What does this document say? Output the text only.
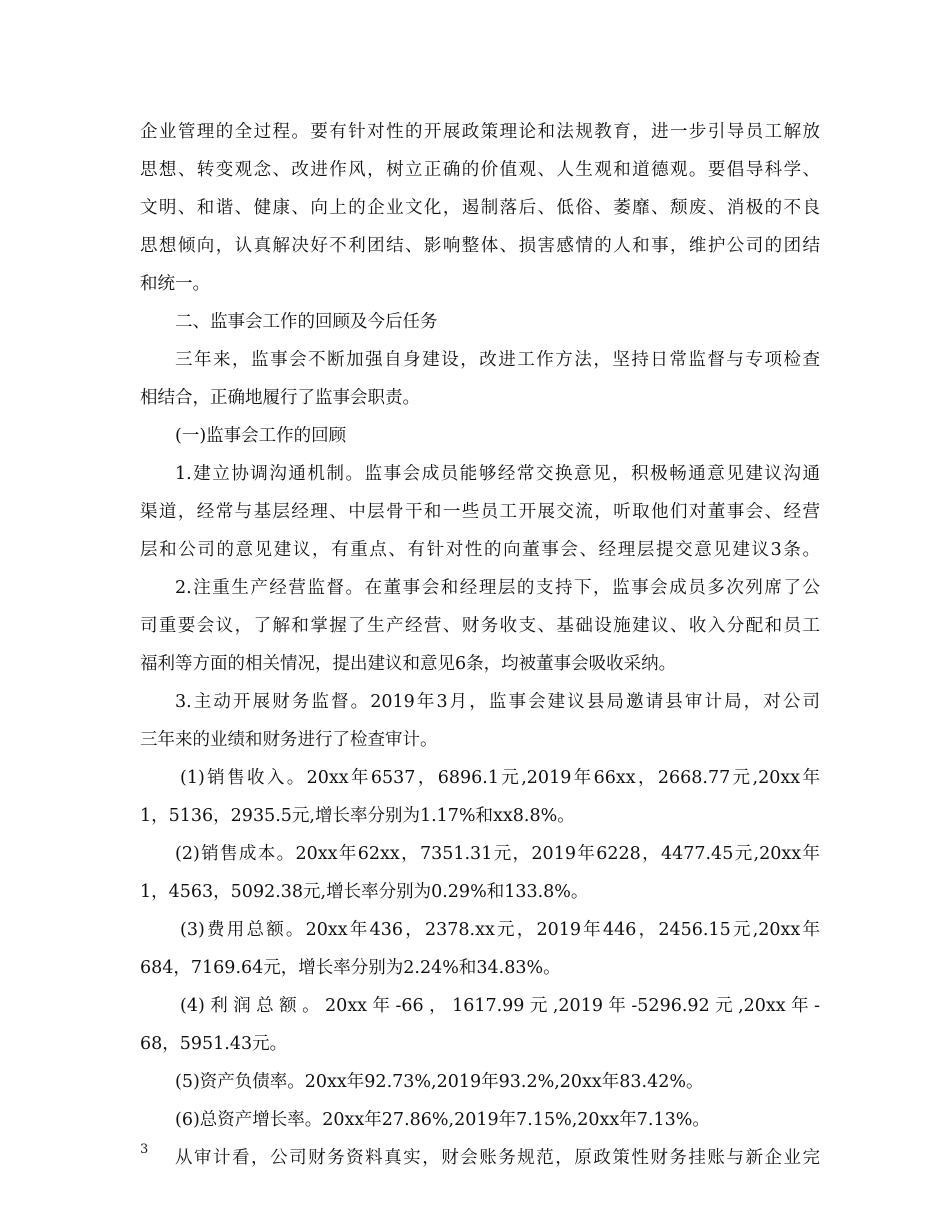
企业管理的全过程。要有针对性的开展政策理论和法规教育，进一步引导员工解放
思想、转变观念、改进作风，树立正确的价值观、人生观和道德观。要倡导科学、
文明、和谐、健康、向上的企业文化，遏制落后、低俗、萎靡、颓废、消极的不良
思想倾向，认真解决好不利团结、影响整体、损害感情的人和事，维护公司的团结
和统一。
二、监事会工作的回顾及今后任务
三年来，监事会不断加强自身建设，改进工作方法，坚持日常监督与专项检查
相结合，正确地履行了监事会职责。
(一)监事会工作的回顾
1.建立协调沟通机制。监事会成员能够经常交换意见，积极畅通意见建议沟通
渠道，经常与基层经理、中层骨干和一些员工开展交流，听取他们对董事会、经营
层和公司的意见建议，有重点、有针对性的向董事会、经理层提交意见建议3条。
2.注重生产经营监督。在董事会和经理层的支持下，监事会成员多次列席了公
司重要会议，了解和掌握了生产经营、财务收支、基础设施建议、收入分配和员工
福利等方面的相关情况，提出建议和意见6条，均被董事会吸收采纳。
3.主动开展财务监督。2019年3月，监事会建议县局邀请县审计局，对公司
三年来的业绩和财务进行了检查审计。
(1)销售收入。20xx年6537，6896.1元,2019年66xx，2668.77元,20xx年
1，5136，2935.5元,增长率分别为1.17%和xx8.8%。
(2)销售成本。20xx年62xx，7351.31元，2019年6228，4477.45元,20xx年
1，4563，5092.38元,增长率分别为0.29%和133.8%。
(3)费用总额。20xx年436，2378.xx元，2019年446，2456.15元,20xx年
684，7169.64元，增长率分别为2.24%和34.83%。
(4)利润总额。20xx年-66，1617.99元,2019年-5296.92元,20xx年-
68，5951.43元。
(5)资产负债率。20xx年92.73%,2019年93.2%,20xx年83.42%。
(6)总资产增长率。20xx年27.86%,2019年7.15%,20xx年7.13%。
3 从审计看，公司财务资料真实，财会账务规范，原政策性财务挂账与新企业完
